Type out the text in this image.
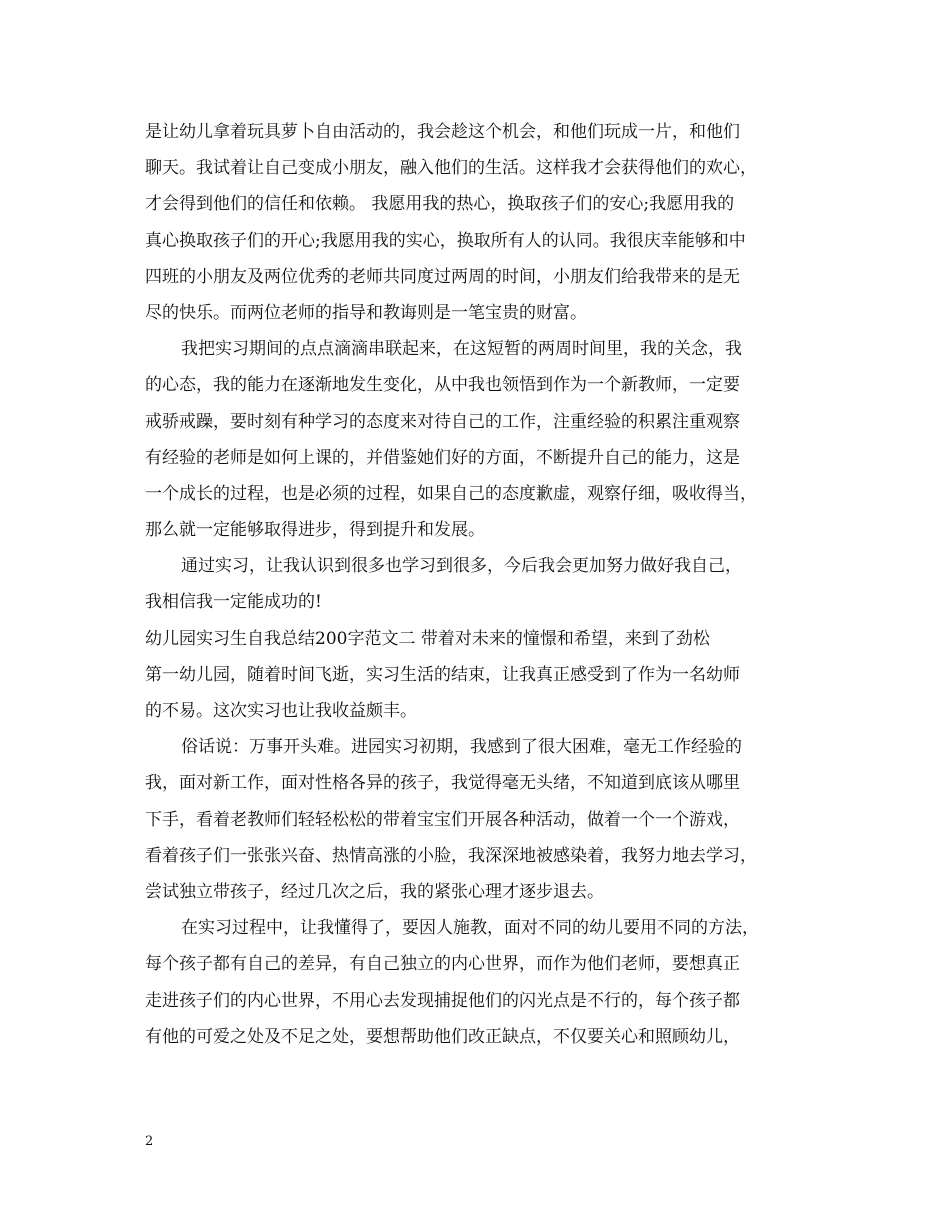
是让幼儿拿着玩具萝卜自由活动的，我会趁这个机会，和他们玩成一片，和他们
聊天。我试着让自己变成小朋友，融入他们的生活。这样我才会获得他们的欢心，
才会得到他们的信任和依赖。 我愿用我的热心，换取孩子们的安心;我愿用我的
真心换取孩子们的开心;我愿用我的实心，换取所有人的认同。我很庆幸能够和中
四班的小朋友及两位优秀的老师共同度过两周的时间，小朋友们给我带来的是无
尽的快乐。而两位老师的指导和教诲则是一笔宝贵的财富。
我把实习期间的点点滴滴串联起来，在这短暂的两周时间里，我的关念，我
的心态，我的能力在逐渐地发生变化，从中我也领悟到作为一个新教师，一定要
戒骄戒躁，要时刻有种学习的态度来对待自己的工作，注重经验的积累注重观察
有经验的老师是如何上课的，并借鉴她们好的方面，不断提升自己的能力，这是
一个成长的过程，也是必须的过程，如果自己的态度歉虚，观察仔细，吸收得当，
那么就一定能够取得进步，得到提升和发展。
通过实习，让我认识到很多也学习到很多，今后我会更加努力做好我自己，
我相信我一定能成功的!
幼儿园实习生自我总结200字范文二 带着对未来的憧憬和希望，来到了劲松
第一幼儿园，随着时间飞逝，实习生活的结束，让我真正感受到了作为一名幼师
的不易。这次实习也让我收益颇丰。
俗话说：万事开头难。进园实习初期，我感到了很大困难，毫无工作经验的
我，面对新工作，面对性格各异的孩子，我觉得毫无头绪，不知道到底该从哪里
下手，看着老教师们轻轻松松的带着宝宝们开展各种活动，做着一个一个游戏，
看着孩子们一张张兴奋、热情高涨的小脸，我深深地被感染着，我努力地去学习，
尝试独立带孩子，经过几次之后，我的紧张心理才逐步退去。
在实习过程中，让我懂得了，要因人施教，面对不同的幼儿要用不同的方法，
每个孩子都有自己的差异，有自己独立的内心世界，而作为他们老师，要想真正
走进孩子们的内心世界，不用心去发现捕捉他们的闪光点是不行的，每个孩子都
有他的可爱之处及不足之处，要想帮助他们改正缺点，不仅要关心和照顾幼儿，
2
